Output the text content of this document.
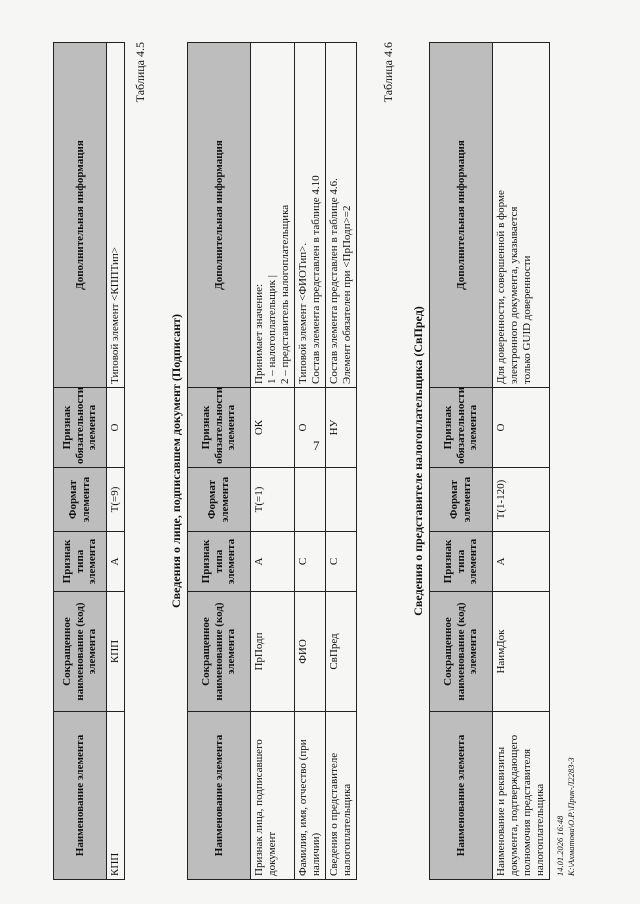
7
Наименование элемента	Сокращенное наименование (код) элемента	Признак типа элемента	Формат элемента	Признак обязательности элемента	Дополнительная информация
КПП	КПП	А	T(=9)	О	Типовой элемент <КППТип>
Таблица 4.5
Сведения о лице, подписавшем документ (Подписант)
Наименование элемента	Сокращенное наименование (код) элемента	Признак типа элемента	Формат элемента	Признак обязательности элемента	Дополнительная информация
Признак лица, подписавшего документ	ПрПодп	А	T(=1)	ОК	Принимает значение: 1 – налогоплательщик | 2 – представитель налогоплательщика

Фамилия, имя, отчество (при наличии)	ФИО	С		О	Типовой элемент <ФИОТип>. Состав элемента представлен в таблице 4.10

Сведения о представителе налогоплательщика	СвПред	С		НУ	Состав элемента представлен в таблице 4.6. Элемент обязателен при <ПрПодп>=2
Таблица 4.6
Сведения о представителе налогоплательщика (СвПред)
Наименование элемента	Сокращенное наименование (код) элемента	Признак типа элемента	Формат элемента	Признак обязательности элемента	Дополнительная информация
Наименование и реквизиты документа, подтверждающего полномочия представителя налогоплательщика	НаимДок	А	T(1-120)	О	Для доверенности, совершенной в форме электронного документа, указывается только GUID доверенности
14.01.2026 16:48 К:\Ахматова\О.Р.\Прик-Л2283-3
